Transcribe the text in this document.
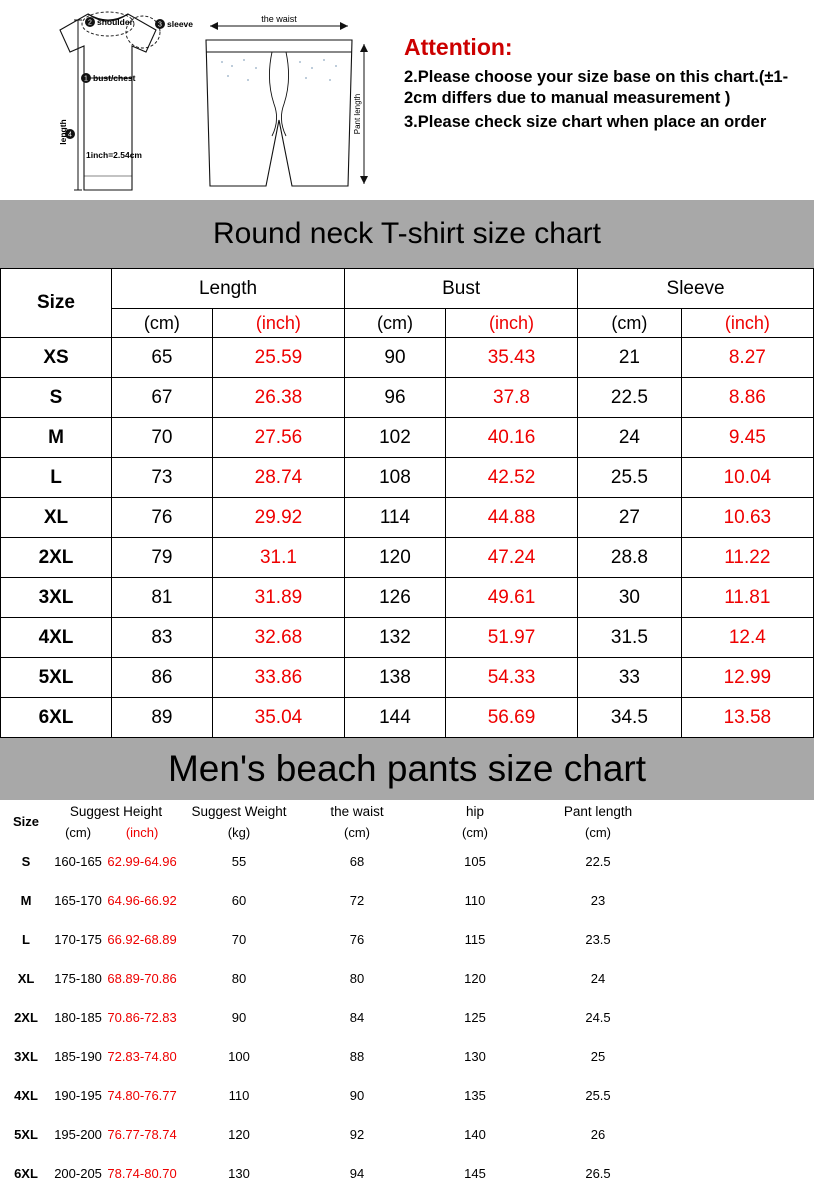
2	3
1
4
shoulder	sleeve
bust/chest
length
1inch=2.54cm
the waist
Pant length
Attention:
2.Please choose your size base on this chart.(±1-2cm differs due to manual measurement )
3.Please check size chart when place an order
Round neck T-shirt size chart
Size	Length		Bust		Sleeve	
	(cm)	(inch)	(cm)	(inch)	(cm)	(inch)
XS	65	25.59	90	35.43	21	8.27
S	67	26.38	96	37.8	22.5	8.86
M	70	27.56	102	40.16	24	9.45
L	73	28.74	108	42.52	25.5	10.04
XL	76	29.92	114	44.88	27	10.63
2XL	79	31.1	120	47.24	28.8	11.22
3XL	81	31.89	126	49.61	30	11.81
4XL	83	32.68	132	51.97	31.5	12.4
5XL	86	33.86	138	54.33	33	12.99
6XL	89	35.04	144	56.69	34.5	13.58
Men's beach pants size chart
Size	Suggest Height		Suggest Weight	the waist	hip	Pant length	
	(cm)	(inch)	(kg)	(cm)	(cm)	(cm)	
S	160-165	62.99-64.96	55	68	105	22.5	
M	165-170	64.96-66.92	60	72	110	23	
L	170-175	66.92-68.89	70	76	115	23.5	
XL	175-180	68.89-70.86	80	80	120	24	
2XL	180-185	70.86-72.83	90	84	125	24.5	
3XL	185-190	72.83-74.80	100	88	130	25	
4XL	190-195	74.80-76.77	110	90	135	25.5	
5XL	195-200	76.77-78.74	120	92	140	26	
6XL	200-205	78.74-80.70	130	94	145	26.5	
